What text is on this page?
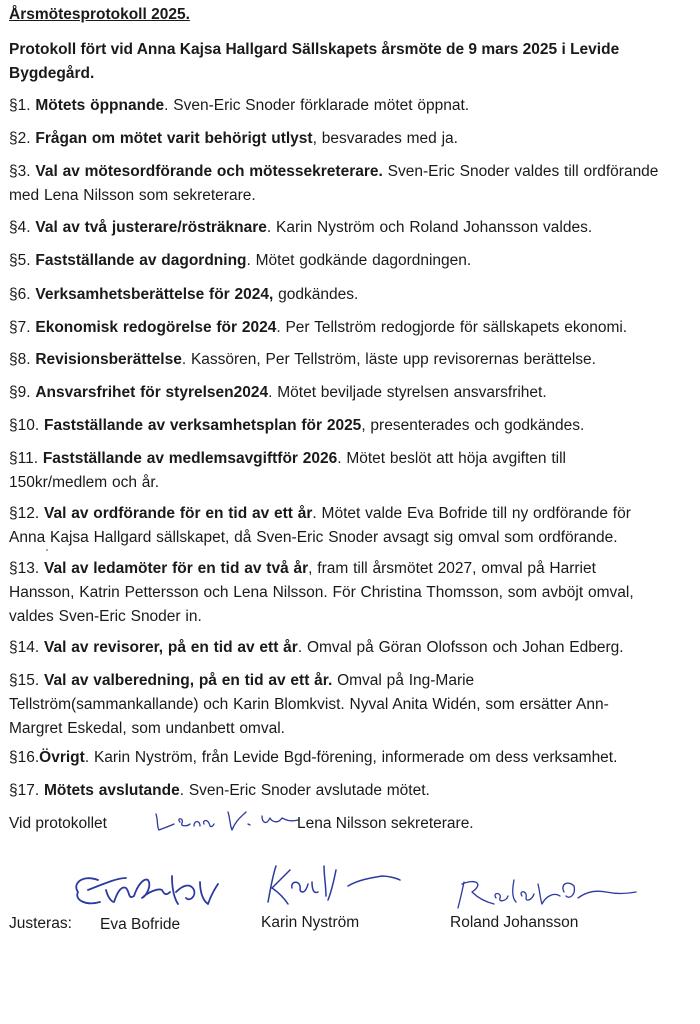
Årsmötesprotokoll 2025.
Protokoll fört vid Anna Kajsa Hallgard Sällskapets årsmöte de 9 mars 2025 i Levide Bygdegård.
§1. Mötets öppnande. Sven-Eric Snoder förklarade mötet öppnat.
§2. Frågan om mötet varit behörigt utlyst, besvarades med ja.
§3. Val av mötesordförande och mötessekreterare. Sven-Eric Snoder valdes till ordförande med Lena Nilsson som sekreterare.
§4. Val av två justerare/rösträknare. Karin Nyström och Roland Johansson valdes.
§5. Fastställande av dagordning. Mötet godkände dagordningen.
§6. Verksamhetsberättelse för 2024, godkändes.
§7. Ekonomisk redogörelse för 2024. Per Tellström redogjorde för sällskapets ekonomi.
§8. Revisionsberättelse. Kassören, Per Tellström, läste upp revisorernas berättelse.
§9. Ansvarsfrihet för styrelsen2024. Mötet beviljade styrelsen ansvarsfrihet.
§10. Fastställande av verksamhetsplan för 2025, presenterades och godkändes.
§11. Fastställande av medlemsavgiftför 2026. Mötet beslöt att höja avgiften till 150kr/medlem och år.
§12. Val av ordförande för en tid av ett år. Mötet valde Eva Bofride till ny ordförande för Anna Kajsa Hallgard sällskapet, då Sven-Eric Snoder avsagt sig omval som ordförande.
§13. Val av ledamöter för en tid av två år, fram till årsmötet 2027, omval på Harriet Hansson, Katrin Pettersson och Lena Nilsson. För Christina Thomsson, som avböjt omval, valdes Sven-Eric Snoder in.
§14. Val av revisorer, på en tid av ett år. Omval på Göran Olofsson och Johan Edberg.
§15. Val av valberedning, på en tid av ett år. Omval på Ing-Marie Tellström(sammankallande) och Karin Blomkvist. Nyval Anita Widén, som ersätter Ann-Margret Eskedal, som undanbett omval.
§16.Övrigt. Karin Nyström, från Levide Bgd-förening, informerade om dess verksamhet.
§17. Mötets avslutande. Sven-Eric Snoder avslutade mötet.
Vid protokollet	Lena Nilsson sekreterare.
Justeras: Eva Bofride	Karin Nyström	Roland Johansson
